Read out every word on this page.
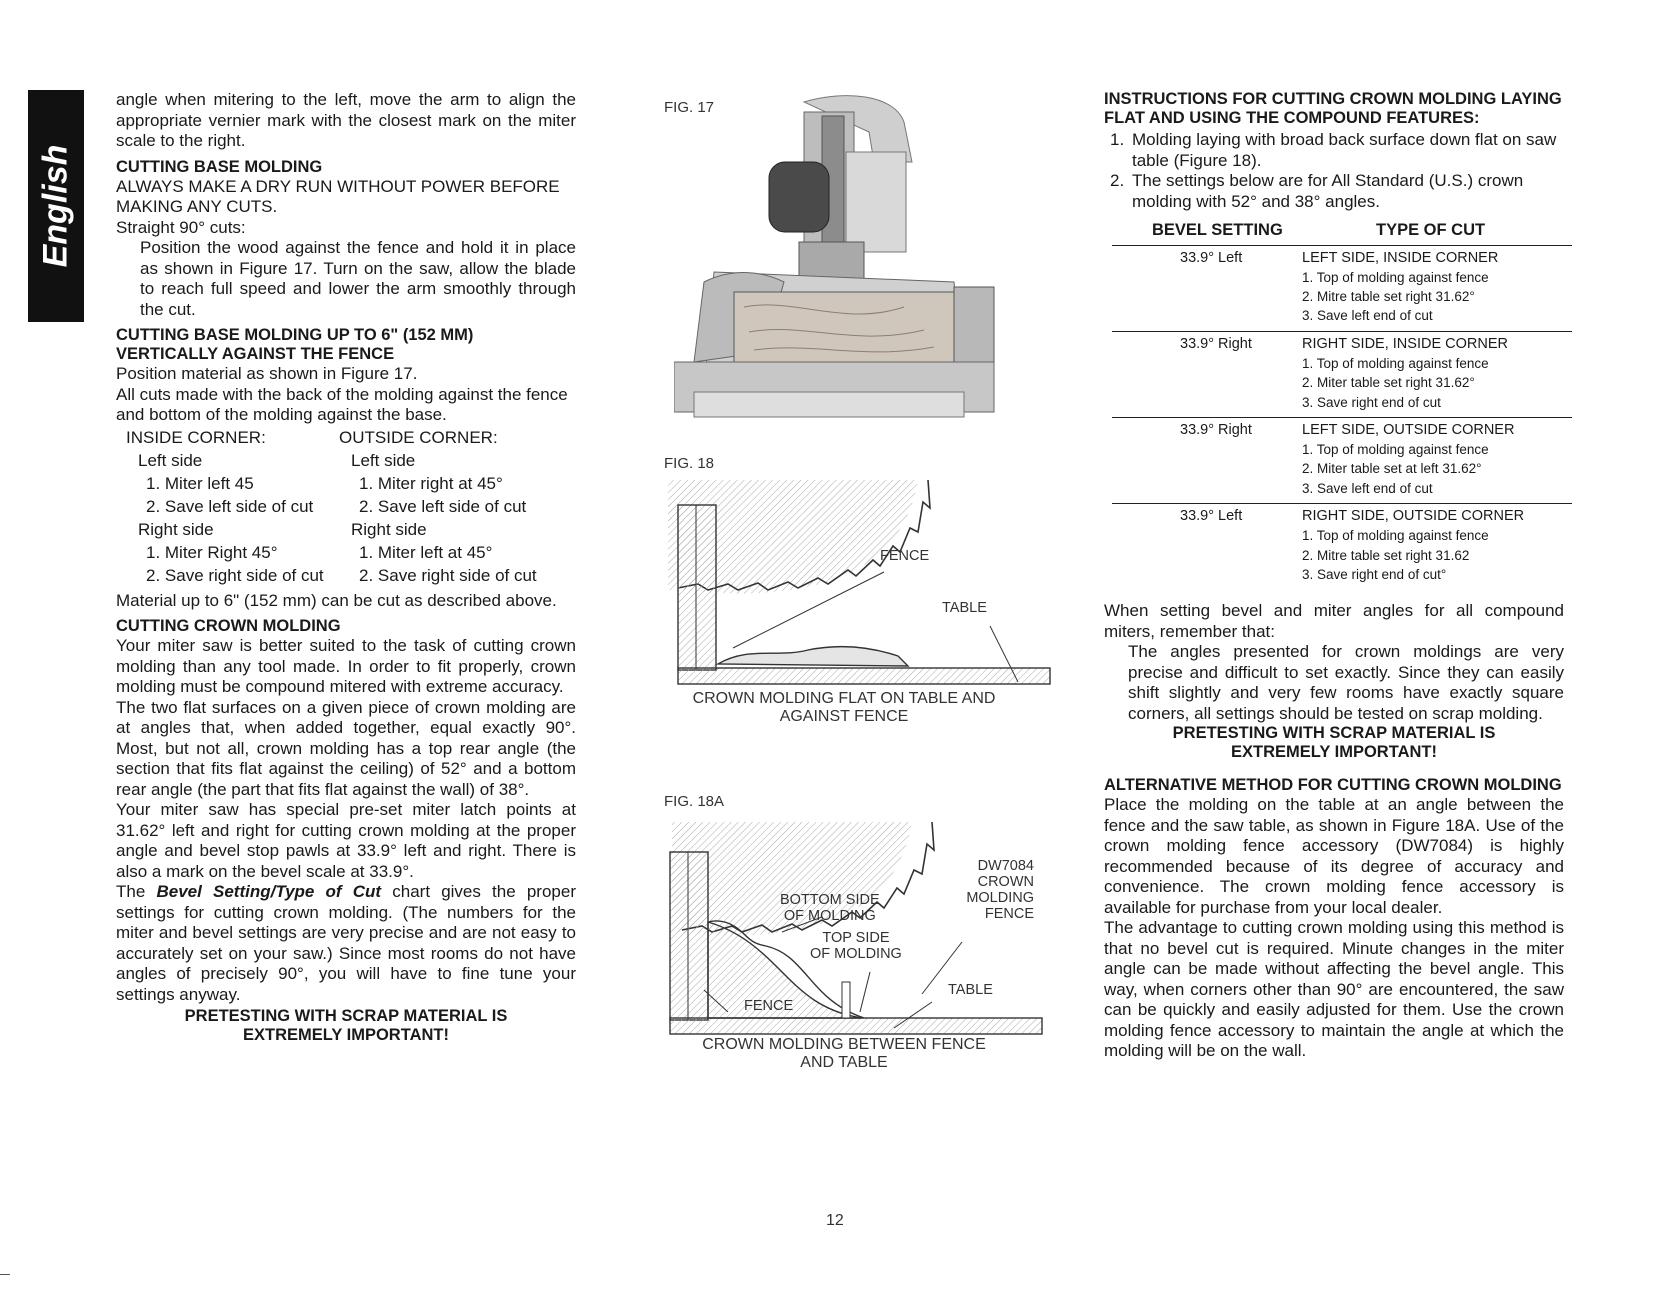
English

angle when mitering to the left, move the arm to align the appropriate vernier mark with the closest mark on the miter scale to the right.

CUTTING BASE MOLDING

ALWAYS MAKE A DRY RUN WITHOUT POWER BEFORE MAKING ANY CUTS.

Straight 90° cuts:

Position the wood against the fence and hold it in place as shown in Figure 17. Turn on the saw, allow the blade to reach full speed and lower the arm smoothly through the cut.

CUTTING BASE MOLDING UP TO 6" (152 MM) VERTICALLY AGAINST THE FENCE

Position material as shown in Figure 17.

All cuts made with the back of the molding against the fence and bottom of the molding against the base.

INSIDE CORNER:	OUTSIDE CORNER:
Left side	Left side
1. Miter left 45	1. Miter right at 45°
2. Save left side of cut	2. Save left side of cut
Right side	Right side
1. Miter Right 45°	1. Miter left at 45°
2. Save right side of cut	2. Save right side of cut

Material up to 6" (152 mm) can be cut as described above.

CUTTING CROWN MOLDING

Your miter saw is better suited to the task of cutting crown molding than any tool made. In order to fit properly, crown molding must be compound mitered with extreme accuracy.

The two flat surfaces on a given piece of crown molding are at angles that, when added together, equal exactly 90°. Most, but not all, crown molding has a top rear angle (the section that fits flat against the ceiling) of 52° and a bottom rear angle (the part that fits flat against the wall) of 38°.

Your miter saw has special pre-set miter latch points at 31.62° left and right for cutting crown molding at the proper angle and bevel stop pawls at 33.9° left and right. There is also a mark on the bevel scale at 33.9°.

The Bevel Setting/Type of Cut chart gives the proper settings for cutting crown molding. (The numbers for the miter and bevel settings are very precise and are not easy to accurately set on your saw.) Since most rooms do not have angles of precisely 90°, you will have to fine tune your settings anyway.

PRETESTING WITH SCRAP MATERIAL IS

EXTREMELY IMPORTANT!

FIG. 17
FIG. 18
FENCE
TABLE
CROWN MOLDING FLAT ON TABLE AND
AGAINST FENCE
FIG. 18A
DW7084
CROWN
MOLDING
FENCE
BOTTOM SIDE
OF MOLDING
TOP SIDE
OF MOLDING
TABLE
FENCE
CROWN MOLDING BETWEEN FENCE
AND TABLE

INSTRUCTIONS FOR CUTTING CROWN MOLDING LAYING FLAT AND USING THE COMPOUND FEATURES:

1. Molding laying with broad back surface down flat on saw table (Figure 18).
2. The settings below are for All Standard (U.S.) crown molding with 52° and 38° angles.
BEVEL SETTING	TYPE OF CUT
33.9° Left	LEFT SIDE, INSIDE CORNER
1. Top of molding against fence
2. Mitre table set right 31.62°
3. Save left end of cut

33.9° Right	RIGHT SIDE, INSIDE CORNER
1. Top of molding against fence
2. Miter table set right 31.62°
3. Save right end of cut

33.9° Right	LEFT SIDE, OUTSIDE CORNER
1. Top of molding against fence
2. Miter table set at left 31.62°
3. Save left end of cut

33.9° Left	RIGHT SIDE, OUTSIDE CORNER
1. Top of molding against fence
2. Mitre table set right 31.62
3. Save right end of cut°

When setting bevel and miter angles for all compound miters, remember that:

The angles presented for crown moldings are very precise and difficult to set exactly. Since they can easily shift slightly and very few rooms have exactly square corners, all settings should be tested on scrap molding.

PRETESTING WITH SCRAP MATERIAL IS

EXTREMELY IMPORTANT!

ALTERNATIVE METHOD FOR CUTTING CROWN MOLDING

Place the molding on the table at an angle between the fence and the saw table, as shown in Figure 18A. Use of the crown molding fence accessory (DW7084) is highly recommended because of its degree of accuracy and convenience. The crown molding fence accessory is available for purchase from your local dealer.

The advantage to cutting crown molding using this method is that no bevel cut is required. Minute changes in the miter angle can be made without affecting the bevel angle. This way, when corners other than 90° are encountered, the saw can be quickly and easily adjusted for them. Use the crown molding fence accessory to maintain the angle at which the molding will be on the wall.

12
